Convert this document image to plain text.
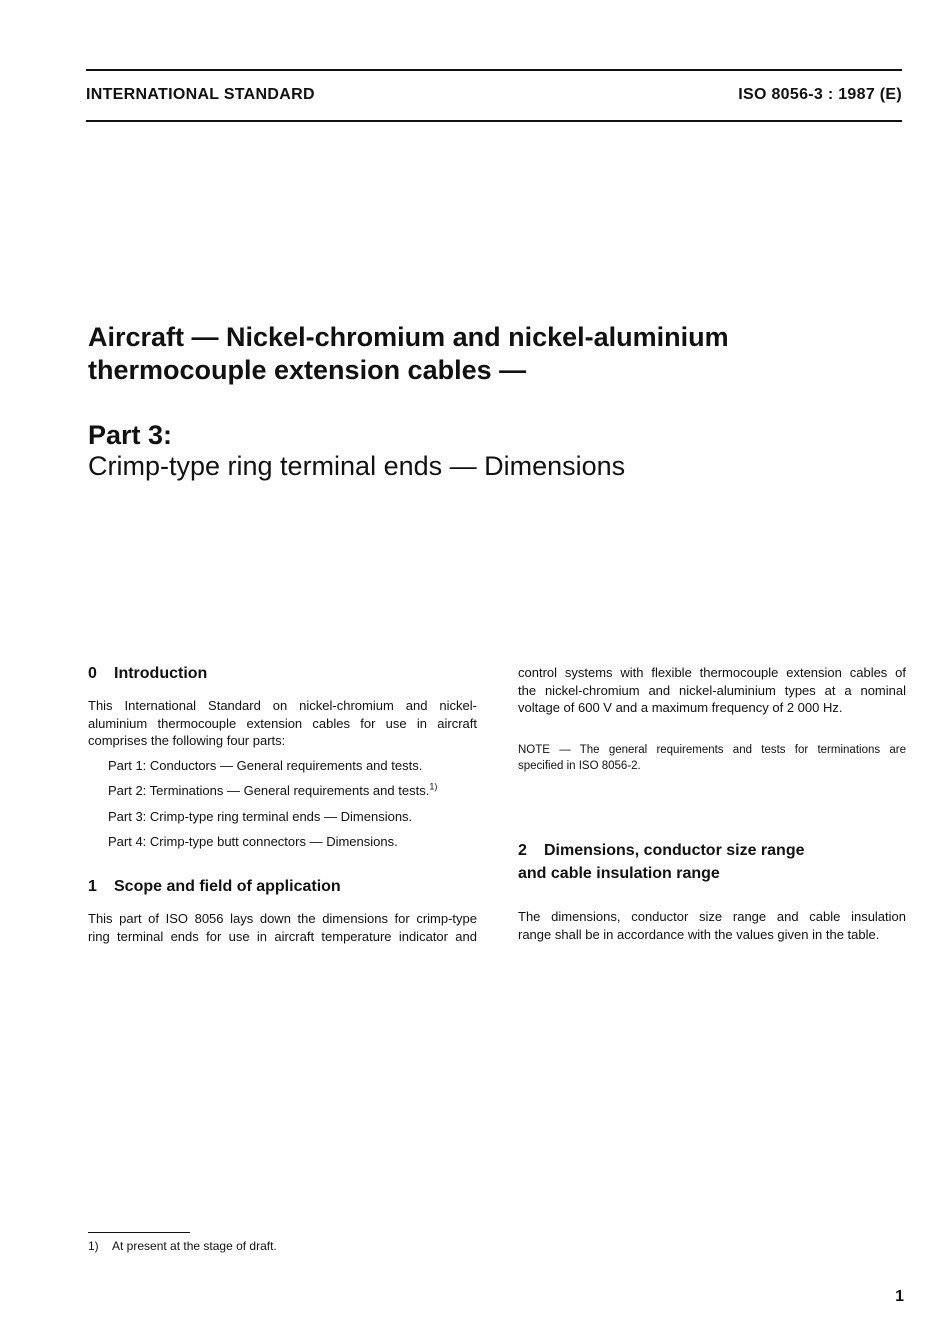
INTERNATIONAL STANDARD	ISO 8056-3 : 1987 (E)
Aircraft — Nickel-chromium and nickel-aluminium
thermocouple extension cables —
Part 3:
Crimp-type ring terminal ends — Dimensions
0 Introduction
This International Standard on nickel-chromium and nickel-
aluminium thermocouple extension cables for use in aircraft
comprises the following four parts:
Part 1: Conductors — General requirements and tests.
Part 2: Terminations — General requirements and tests.$^{1)}$
Part 3: Crimp-type ring terminal ends — Dimensions.
Part 4: Crimp-type butt connectors — Dimensions.
1 Scope and field of application
This part of ISO 8056 lays down the dimensions for crimp-type
ring terminal ends for use in aircraft temperature indicator and
control systems with flexible thermocouple extension cables of
the nickel-chromium and nickel-aluminium types at a nominal
voltage of 600 V and a maximum frequency of 2 000 Hz.
NOTE — The general requirements and tests for terminations are
specified in ISO 8056-2.
2 Dimensions, conductor size range
and cable insulation range
The dimensions, conductor size range and cable insulation
range shall be in accordance with the values given in the table.
1) At present at the stage of draft.
1
